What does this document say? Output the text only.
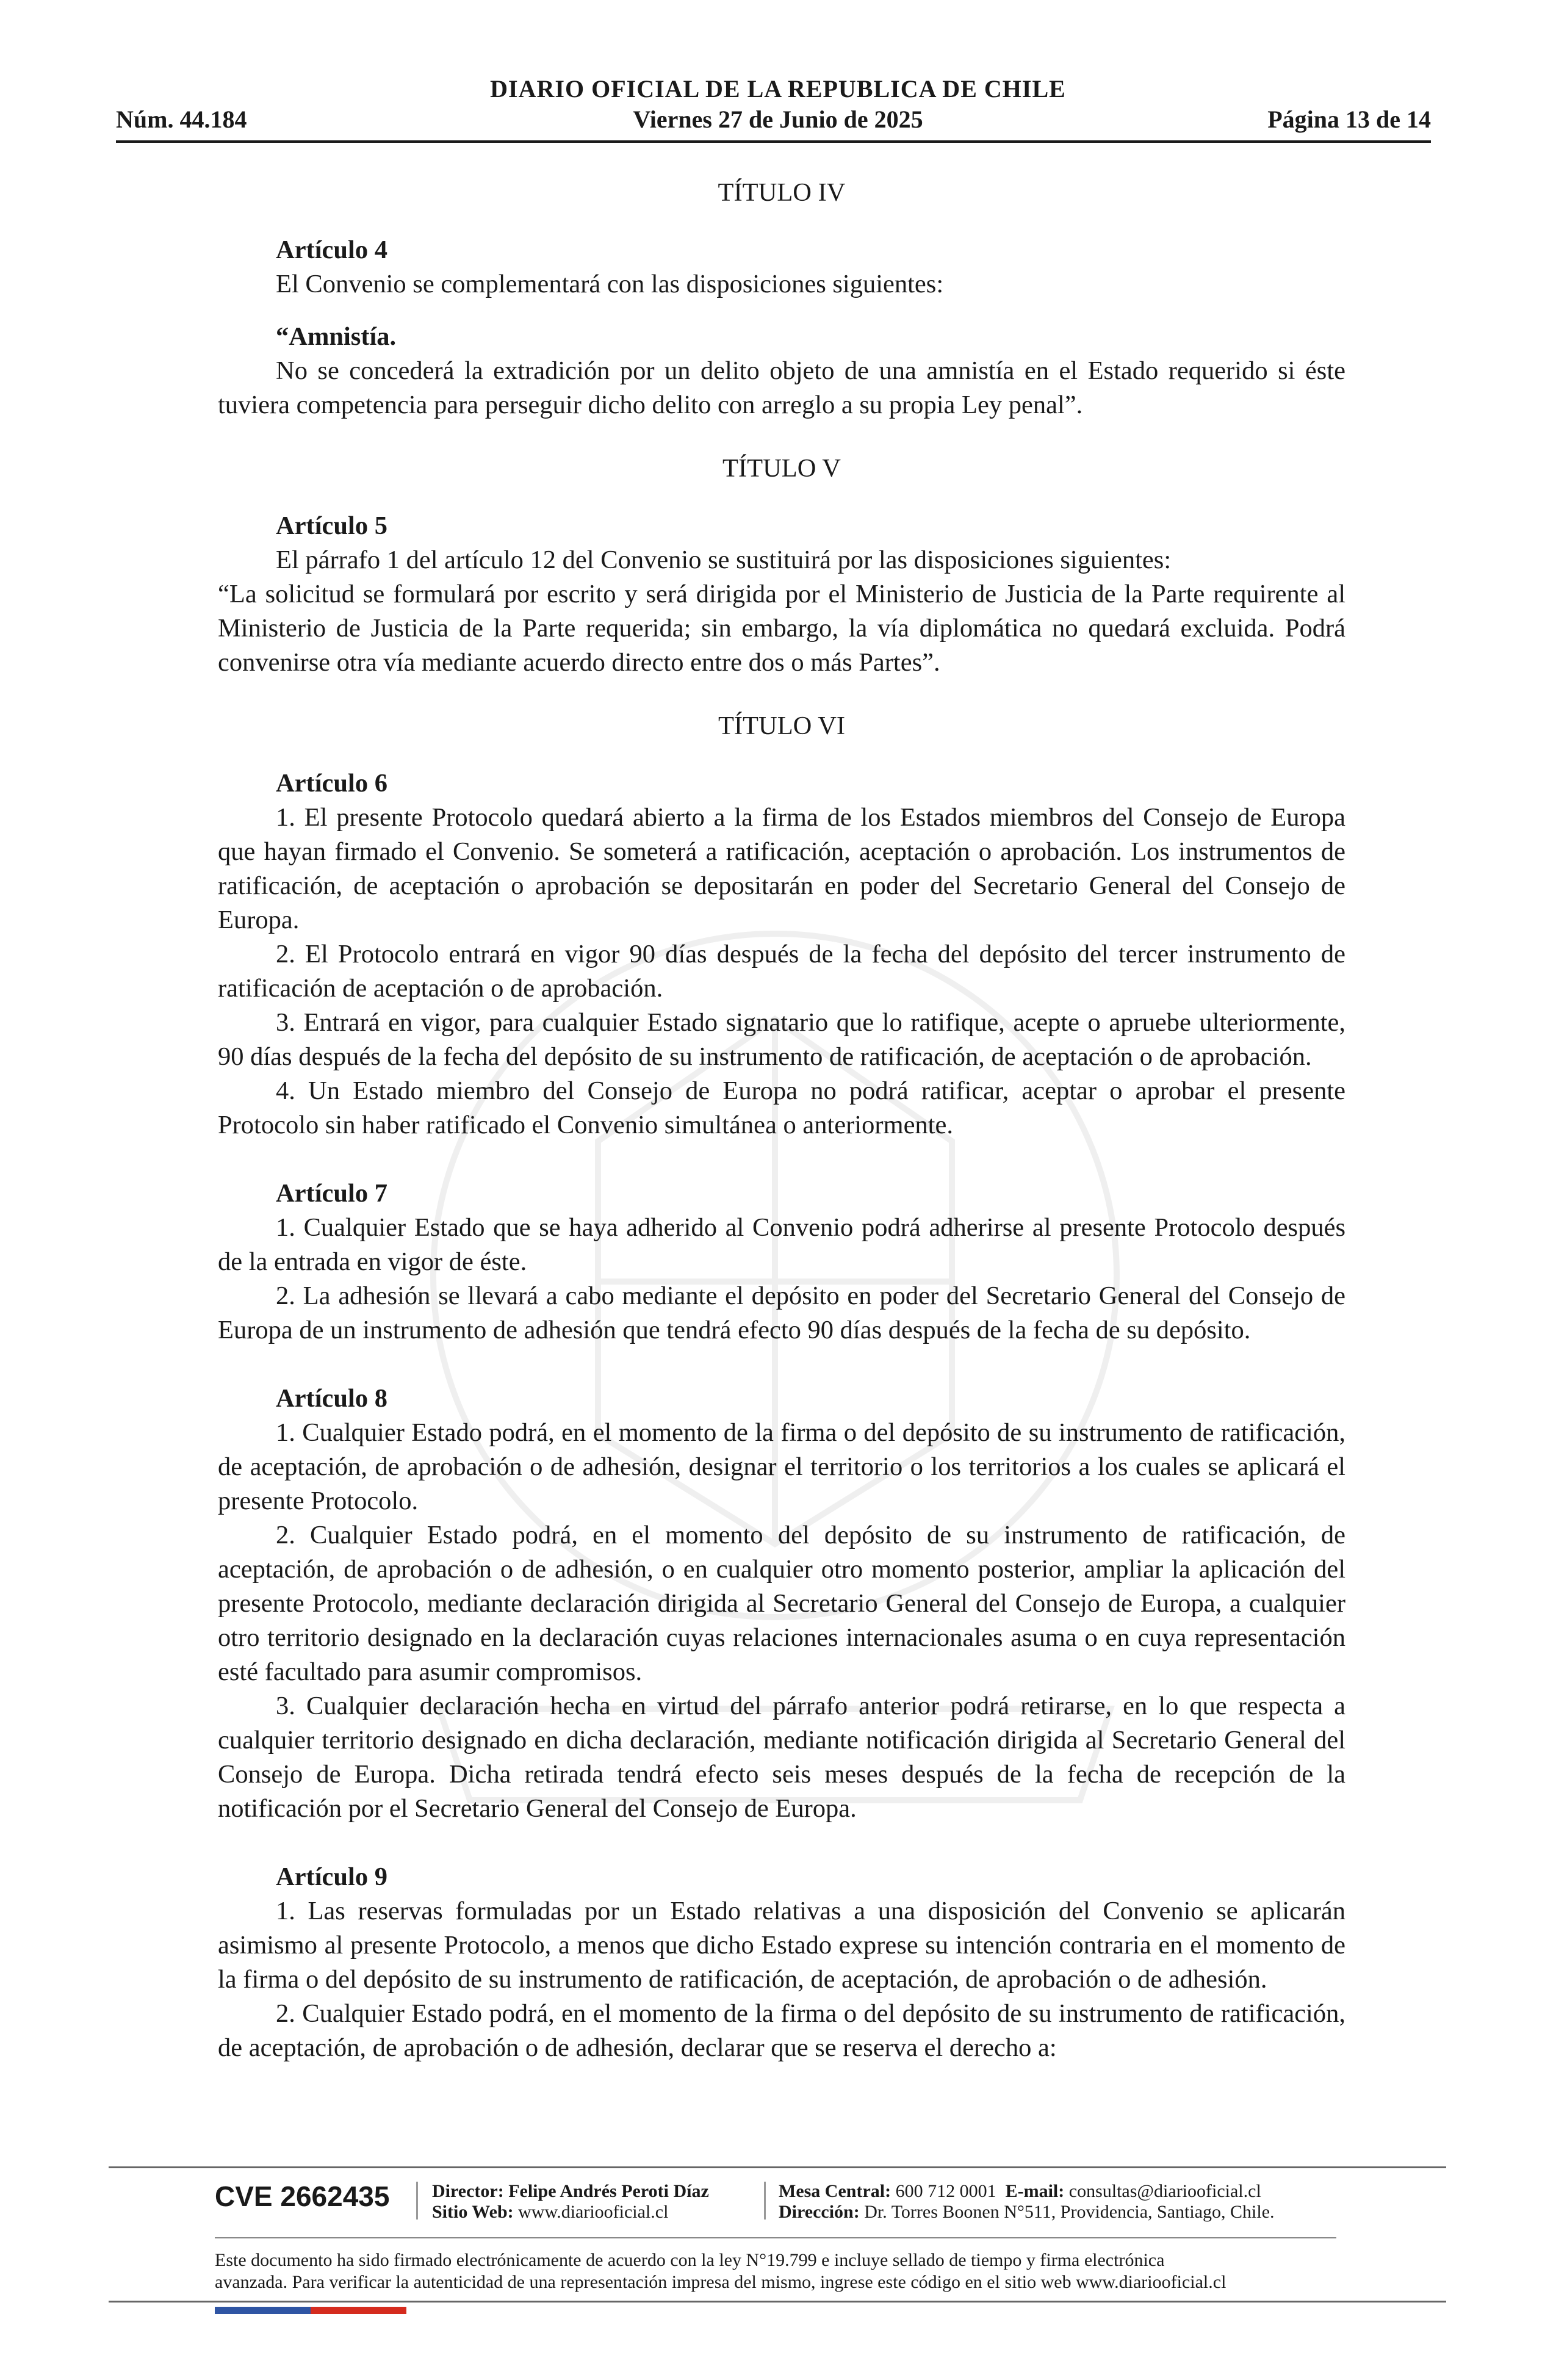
DIARIO OFICIAL DE LA REPUBLICA DE CHILE
Viernes 27 de Junio de 2025
Núm. 44.184	Página 13 de 14
TÍTULO IV
Artículo 4

El Convenio se complementará con las disposiciones siguientes:

“Amnistía.

No se concederá la extradición por un delito objeto de una amnistía en el Estado requerido si éste tuviera competencia para perseguir dicho delito con arreglo a su propia Ley penal”.

TÍTULO V
Artículo 5

El párrafo 1 del artículo 12 del Convenio se sustituirá por las disposiciones siguientes:

“La solicitud se formulará por escrito y será dirigida por el Ministerio de Justicia de la Parte requirente al Ministerio de Justicia de la Parte requerida; sin embargo, la vía diplomática no quedará excluida. Podrá convenirse otra vía mediante acuerdo directo entre dos o más Partes”.

TÍTULO VI
Artículo 6

1. El presente Protocolo quedará abierto a la firma de los Estados miembros del Consejo de Europa que hayan firmado el Convenio. Se someterá a ratificación, aceptación o aprobación. Los instrumentos de ratificación, de aceptación o aprobación se depositarán en poder del Secretario General del Consejo de Europa.

2. El Protocolo entrará en vigor 90 días después de la fecha del depósito del tercer instrumento de ratificación de aceptación o de aprobación.

3. Entrará en vigor, para cualquier Estado signatario que lo ratifique, acepte o apruebe ulteriormente, 90 días después de la fecha del depósito de su instrumento de ratificación, de aceptación o de aprobación.

4. Un Estado miembro del Consejo de Europa no podrá ratificar, aceptar o aprobar el presente Protocolo sin haber ratificado el Convenio simultánea o anteriormente.

Artículo 7

1. Cualquier Estado que se haya adherido al Convenio podrá adherirse al presente Protocolo después de la entrada en vigor de éste.

2. La adhesión se llevará a cabo mediante el depósito en poder del Secretario General del Consejo de Europa de un instrumento de adhesión que tendrá efecto 90 días después de la fecha de su depósito.

Artículo 8

1. Cualquier Estado podrá, en el momento de la firma o del depósito de su instrumento de ratificación, de aceptación, de aprobación o de adhesión, designar el territorio o los territorios a los cuales se aplicará el presente Protocolo.

2. Cualquier Estado podrá, en el momento del depósito de su instrumento de ratificación, de aceptación, de aprobación o de adhesión, o en cualquier otro momento posterior, ampliar la aplicación del presente Protocolo, mediante declaración dirigida al Secretario General del Consejo de Europa, a cualquier otro territorio designado en la declaración cuyas relaciones internacionales asuma o en cuya representación esté facultado para asumir compromisos.

3. Cualquier declaración hecha en virtud del párrafo anterior podrá retirarse, en lo que respecta a cualquier territorio designado en dicha declaración, mediante notificación dirigida al Secretario General del Consejo de Europa. Dicha retirada tendrá efecto seis meses después de la fecha de recepción de la notificación por el Secretario General del Consejo de Europa.

Artículo 9

1. Las reservas formuladas por un Estado relativas a una disposición del Convenio se aplicarán asimismo al presente Protocolo, a menos que dicho Estado exprese su intención contraria en el momento de la firma o del depósito de su instrumento de ratificación, de aceptación, de aprobación o de adhesión.

2. Cualquier Estado podrá, en el momento de la firma o del depósito de su instrumento de ratificación, de aceptación, de aprobación o de adhesión, declarar que se reserva el derecho a:

CVE 2662435 Director: Felipe Andrés Peroti Díaz
Sitio Web: www.diariooficial.cl
Mesa Central: 600 712 0001 E-mail: consultas@diariooficial.cl
Dirección: Dr. Torres Boonen N°511, Providencia, Santiago, Chile.
Este documento ha sido firmado electrónicamente de acuerdo con la ley N°19.799 e incluye sellado de tiempo y firma electrónica
avanzada. Para verificar la autenticidad de una representación impresa del mismo, ingrese este código en el sitio web www.diariooficial.cl
